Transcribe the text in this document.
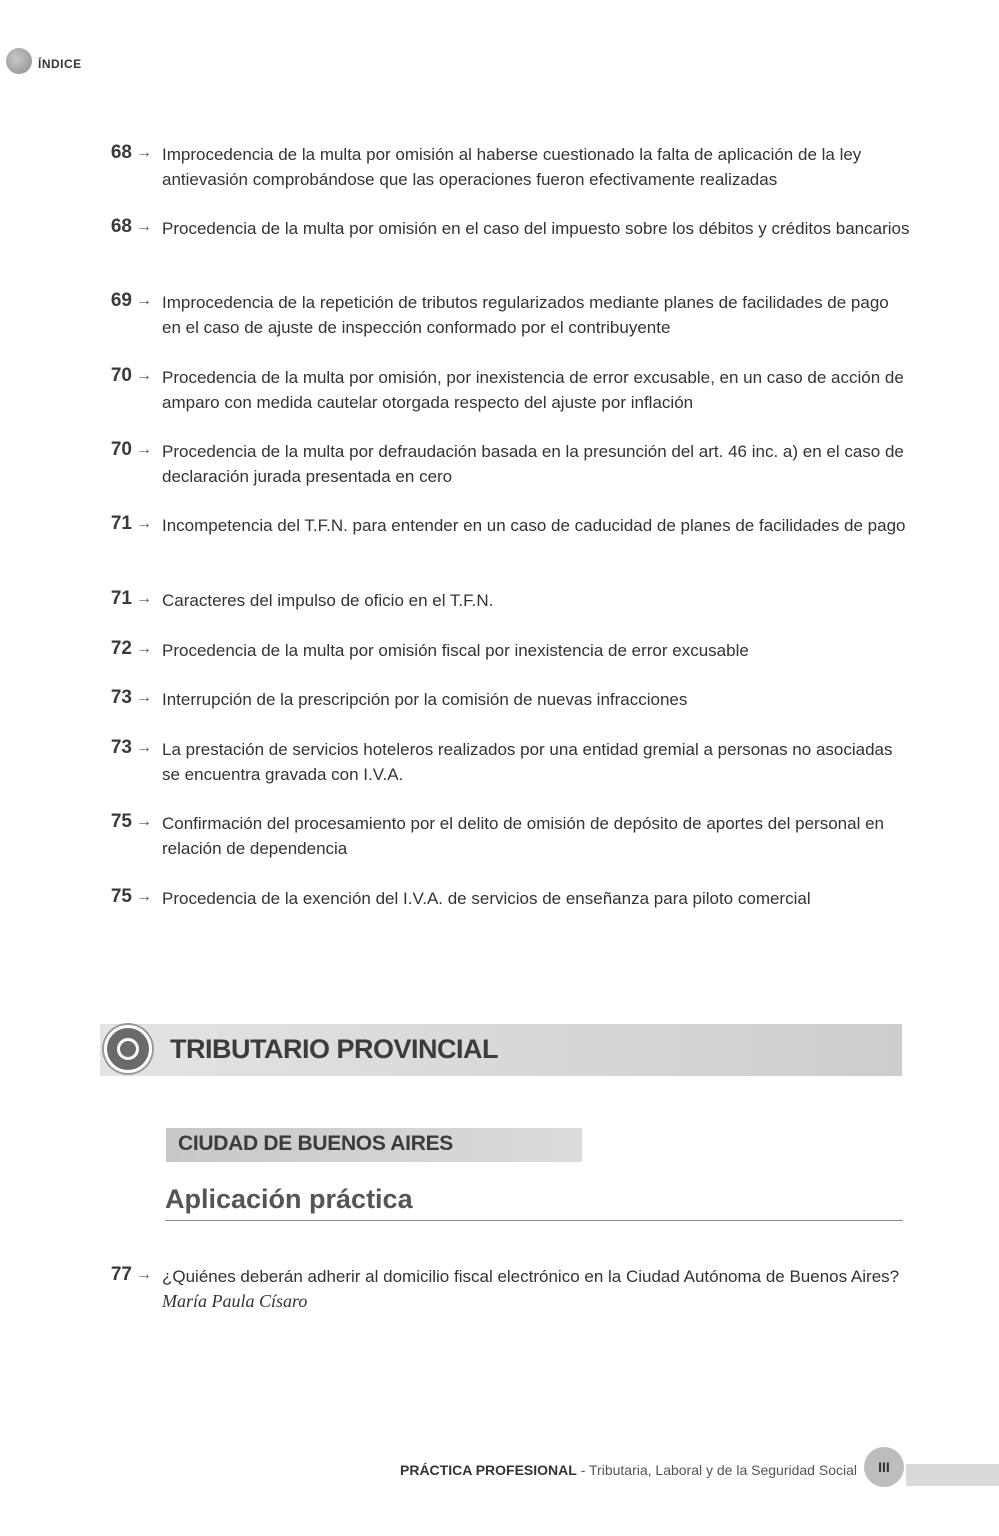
ÍNDICE
68 → Improcedencia de la multa por omisión al haberse cuestionado la falta de aplicación de la ley antievasión comprobándose que las operaciones fueron efectivamente realizadas
68 → Procedencia de la multa por omisión en el caso del impuesto sobre los débitos y créditos bancarios
69 → Improcedencia de la repetición de tributos regularizados mediante planes de facilidades de pago en el caso de ajuste de inspección conformado por el contribuyente
70 → Procedencia de la multa por omisión, por inexistencia de error excusable, en un caso de acción de amparo con medida cautelar otorgada respecto del ajuste por inflación
70 → Procedencia de la multa por defraudación basada en la presunción del art. 46 inc. a) en el caso de declaración jurada presentada en cero
71 → Incompetencia del T.F.N. para entender en un caso de caducidad de planes de facilidades de pago
71 → Caracteres del impulso de oficio en el T.F.N.
72 → Procedencia de la multa por omisión fiscal por inexistencia de error excusable
73 → Interrupción de la prescripción por la comisión de nuevas infracciones
73 → La prestación de servicios hoteleros realizados por una entidad gremial a personas no asociadas se encuentra gravada con I.V.A.
75 → Confirmación del procesamiento por el delito de omisión de depósito de aportes del personal en relación de dependencia
75 → Procedencia de la exención del I.V.A. de servicios de enseñanza para piloto comercial
TRIBUTARIO PROVINCIAL
CIUDAD DE BUENOS AIRES
Aplicación práctica
77 → ¿Quiénes deberán adherir al domicilio fiscal electrónico en la Ciudad Autónoma de Buenos Aires?
María Paula Císaro
PRÁCTICA PROFESIONAL - Tributaria, Laboral y de la Seguridad Social	III
